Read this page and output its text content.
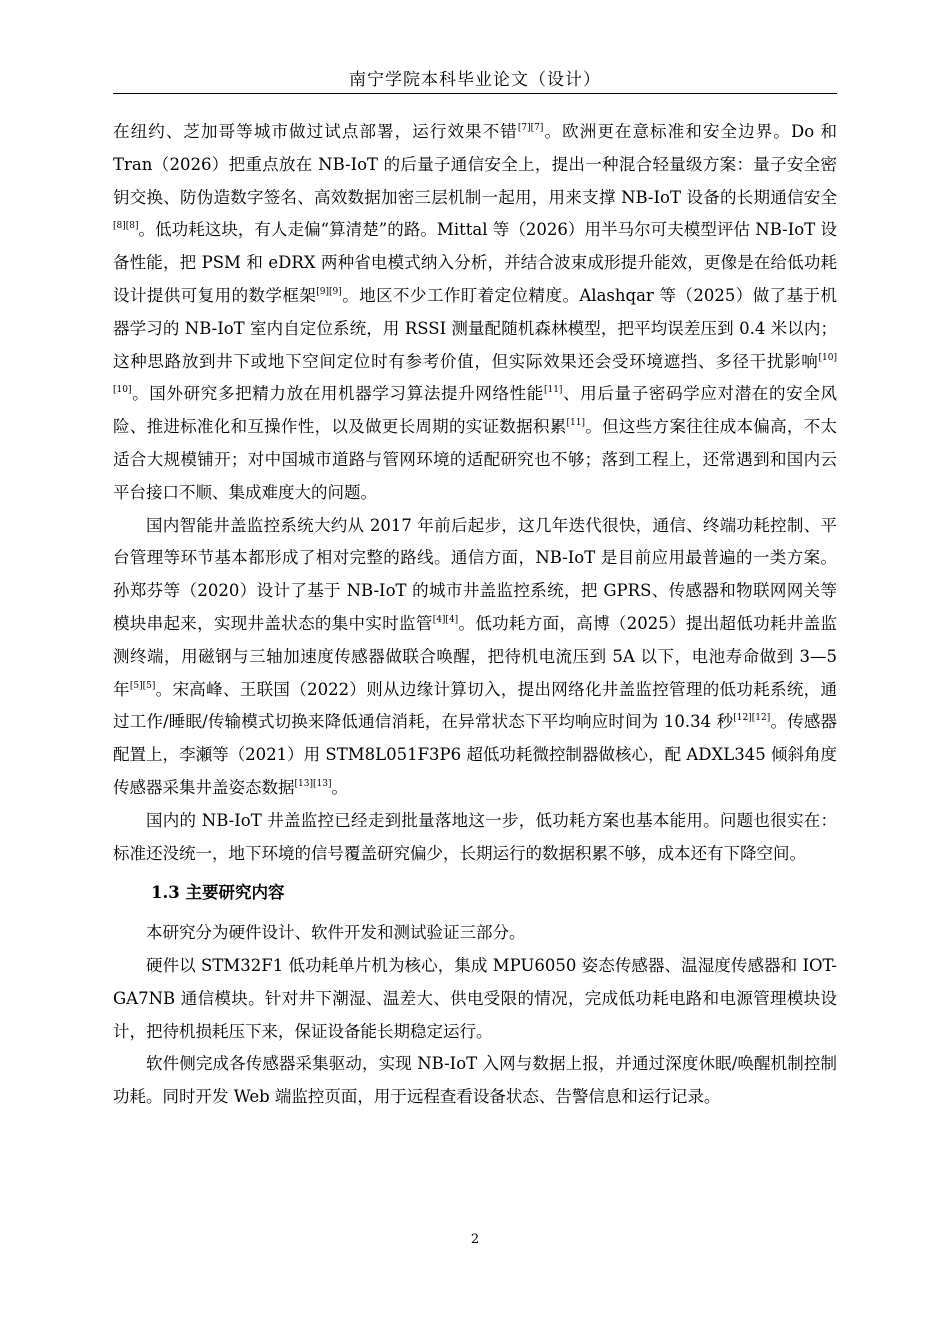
南宁学院本科毕业论文（设计）

在纽约、芝加哥等城市做过试点部署，运行效果不错[7][7]。欧洲更在意标准和安全边界。Do 和 Tran（2026）把重点放在 NB-IoT 的后量子通信安全上，提出一种混合轻量级方案：量子安全密钥交换、防伪造数字签名、高效数据加密三层机制一起用，用来支撑 NB-IoT 设备的长期通信安全[8][8]。低功耗这块，有人走偏“算清楚”的路。Mittal 等（2026）用半马尔可夫模型评估 NB-IoT 设备性能，把 PSM 和 eDRX 两种省电模式纳入分析，并结合波束成形提升能效，更像是在给低功耗设计提供可复用的数学框架[9][9]。地区不少工作盯着定位精度。Alashqar 等（2025）做了基于机器学习的 NB-IoT 室内自定位系统，用 RSSI 测量配随机森林模型，把平均误差压到 0.4 米以内；这种思路放到井下或地下空间定位时有参考价值，但实际效果还会受环境遮挡、多径干扰影响[10][10]。国外研究多把精力放在用机器学习算法提升网络性能[11]、用后量子密码学应对潜在的安全风险、推进标准化和互操作性，以及做更长周期的实证数据积累[11]。但这些方案往往成本偏高，不太适合大规模铺开；对中国城市道路与管网环境的适配研究也不够；落到工程上，还常遇到和国内云平台接口不顺、集成难度大的问题。

国内智能井盖监控系统大约从 2017 年前后起步，这几年迭代很快，通信、终端功耗控制、平台管理等环节基本都形成了相对完整的路线。通信方面，NB-IoT 是目前应用最普遍的一类方案。孙郑芬等（2020）设计了基于 NB-IoT 的城市井盖监控系统，把 GPRS、传感器和物联网网关等模块串起来，实现井盖状态的集中实时监管[4][4]。低功耗方面，高博（2025）提出超低功耗井盖监测终端，用磁钢与三轴加速度传感器做联合唤醒，把待机电流压到 5A 以下，电池寿命做到 3—5 年[5][5]。宋高峰、王联国（2022）则从边缘计算切入，提出网络化井盖监控管理的低功耗系统，通过工作/睡眠/传输模式切换来降低通信消耗，在异常状态下平均响应时间为 10.34 秒[12][12]。传感器配置上，李瀬等（2021）用 STM8L051F3P6 超低功耗微控制器做核心，配 ADXL345 倾斜角度传感器采集井盖姿态数据[13][13]。

国内的 NB-IoT 井盖监控已经走到批量落地这一步，低功耗方案也基本能用。问题也很实在：标准还没统一，地下环境的信号覆盖研究偏少，长期运行的数据积累不够，成本还有下降空间。

1.3 主要研究内容

本研究分为硬件设计、软件开发和测试验证三部分。

硬件以 STM32F1 低功耗单片机为核心，集成 MPU6050 姿态传感器、温湿度传感器和 IOT-GA7NB 通信模块。针对井下潮湿、温差大、供电受限的情况，完成低功耗电路和电源管理模块设计，把待机损耗压下来，保证设备能长期稳定运行。

软件侧完成各传感器采集驱动，实现 NB-IoT 入网与数据上报，并通过深度休眠/唤醒机制控制功耗。同时开发 Web 端监控页面，用于远程查看设备状态、告警信息和运行记录。

2
